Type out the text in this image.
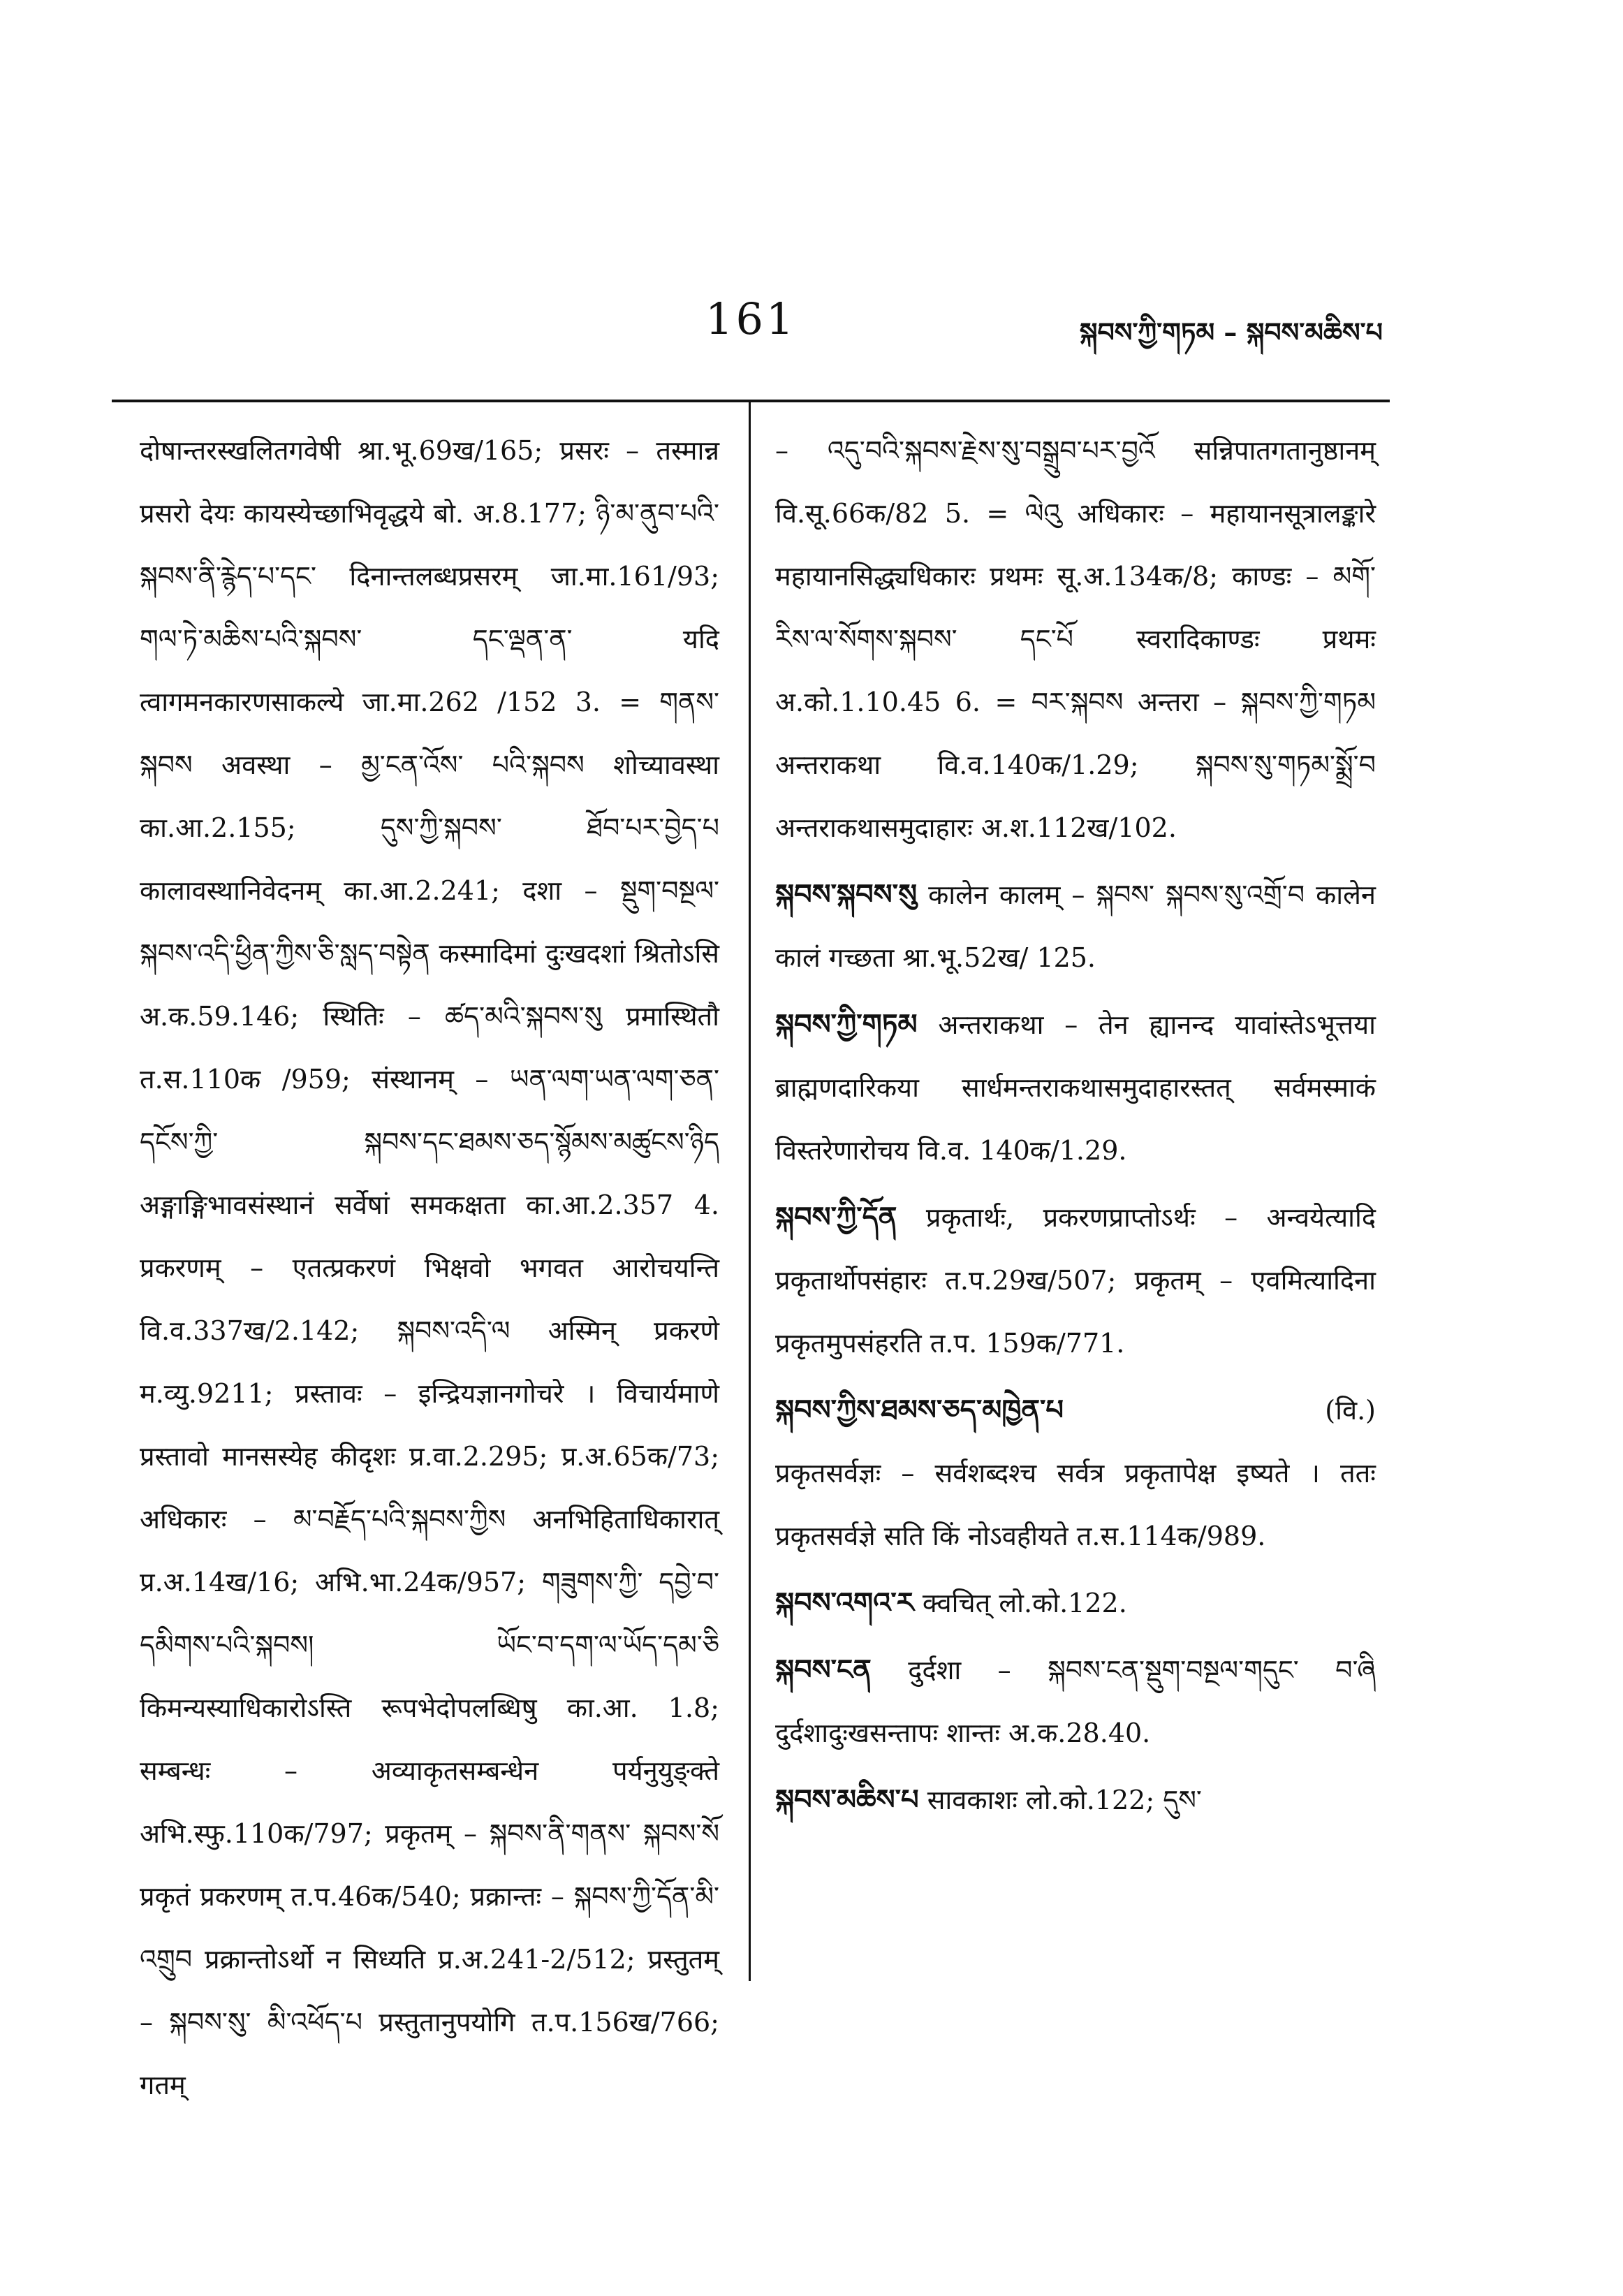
161	སྐབས་ཀྱི་གཏམ – སྐབས་མཆིས་པ

दोषान्तरस्खलितगवेषी श्रा.भू.69ख/165; प्रसरः – तस्मान्न प्रसरो देयः कायस्येच्छाभिवृद्धये बो. अ.8.177; ཉི་མ་ནུབ་པའི་སྐབས་ནི་རྙེད་པ་དང་ दिनान्तलब्धप्रसरम् जा.मा.161/93; གལ་ཏེ་མཆིས་པའི་སྐབས་ དང་ལྡན་ན་ यदि त्वागमनकारणसाकल्ये जा.मा.262 /152 3. = གནས་སྐབས अवस्था – མྱ་ངན་འོས་ པའི་སྐབས शोच्यावस्था का.आ.2.155; དུས་ཀྱི་སྐབས་ ཐོབ་པར་བྱེད་པ कालावस्थानिवेदनम् का.आ.2.241; दशा – སྡུག་བསྔལ་སྐབས་འདི་ཕྱིན་ཀྱིས་ཅི་སླད་བསྟེན कस्मादिमां दुःखदशां श्रितोऽसि अ.क.59.146; स्थितिः – ཚད་མའི་སྐབས་སུ प्रमास्थितौ त.स.110क /959; संस्थानम् – ཡན་ལག་ཡན་ལག་ཅན་དངོས་ཀྱི་ སྐབས་དང་ཐམས་ཅད་སྙོམས་མཚུངས་ཉིད अङ्गाङ्गिभावसंस्थानं सर्वेषां समकक्षता का.आ.2.357 4. प्रकरणम् – एतत्प्रकरणं भिक्षवो भगवत आरोचयन्ति वि.व.337ख/2.142; སྐབས་འདི་ལ अस्मिन् प्रकरणे म.व्यु.9211; प्रस्तावः – इन्द्रियज्ञानगोचरे । विचार्यमाणे प्रस्तावो मानसस्येह कीदृशः प्र.वा.2.295; प्र.अ.65क/73; अधिकारः – མ་བརྗོད་པའི་སྐབས་ཀྱིས अनभिहिताधिकारात् प्र.अ.14ख/16; अभि.भा.24क/957; གཟུགས་ཀྱི་ དབྱེ་བ་དམིགས་པའི་སྐབས། ཡོང་བ་དག་ལ་ཡོད་དམ་ཅི किमन्यस्याधिकारोऽस्ति रूपभेदोपलब्धिषु का.आ. 1.8; सम्बन्धः – अव्याकृतसम्बन्धेन पर्यनुयुङ्क्ते अभि.स्फु.110क/797; प्रकृतम् – སྐབས་ནི་གནས་ སྐབས་སོ प्रकृतं प्रकरणम् त.प.46क/540; प्रक्रान्तः – སྐབས་ཀྱི་དོན་མི་འགྲུབ प्रक्रान्तोऽर्थो न सिध्यति प्र.अ.241-2/512; प्रस्तुतम् – སྐབས་སུ་ མི་འཕོད་པ प्रस्तुतानुपयोगि त.प.156ख/766; गतम्

– འདུ་བའི་སྐབས་རྗེས་སུ་བསྒྲུབ་པར་བྱའོ सन्निपातगतानुष्ठानम् वि.सू.66क/82 5. = ལེའུ अधिकारः – महायानसूत्रालङ्कारे महायानसिद्ध्यधिकारः प्रथमः सू.अ.134क/8; काण्डः – མགོ་རིས་ལ་སོགས་སྐབས་ དང་པོ स्वरादिकाण्डः प्रथमः अ.को.1.10.45 6. = བར་སྐབས अन्तरा – སྐབས་ཀྱི་གཏམ अन्तराकथा वि.व.140क/1.29; སྐབས་སུ་གཏམ་སྨྲོ་བ अन्तराकथासमुदाहारः अ.श.112ख/102.

སྐབས་སྐབས་སུ कालेन कालम् – སྐབས་ སྐབས་སུ་འགྲོ་བ कालेन कालं गच्छता श्रा.भू.52ख/ 125.

སྐབས་ཀྱི་གཏམ अन्तराकथा – तेन ह्यानन्द यावांस्तेऽभूत्तया ब्राह्मणदारिकया सार्धमन्तराकथासमुदाहारस्तत् सर्वमस्माकं विस्तरेणारोचय वि.व. 140क/1.29.

སྐབས་ཀྱི་དོན प्रकृतार्थः, प्रकरणप्राप्तोऽर्थः – अन्वयेत्यादि प्रकृतार्थोपसंहारः त.प.29ख/507; प्रकृतम् – एवमित्यादिना प्रकृतमुपसंहरति त.प. 159क/771.

(वि.)
སྐབས་ཀྱིས་ཐམས་ཅད་མཁྱེན་པ
प्रकृतसर्वज्ञः – सर्वशब्दश्च सर्वत्र प्रकृतापेक्ष इष्यते । ततः प्रकृतसर्वज्ञे सति किं नोऽवहीयते त.स.114क/989.

སྐབས་འགའ་ར क्वचित् लो.को.122.

སྐབས་ངན दुर्दशा – སྐབས་ངན་སྡུག་བསྔལ་གདུང་ བ་ཞི दुर्दशादुःखसन्तापः शान्तः अ.क.28.40.

སྐབས་མཆིས་པ सावकाशः लो.को.122; དུས་
